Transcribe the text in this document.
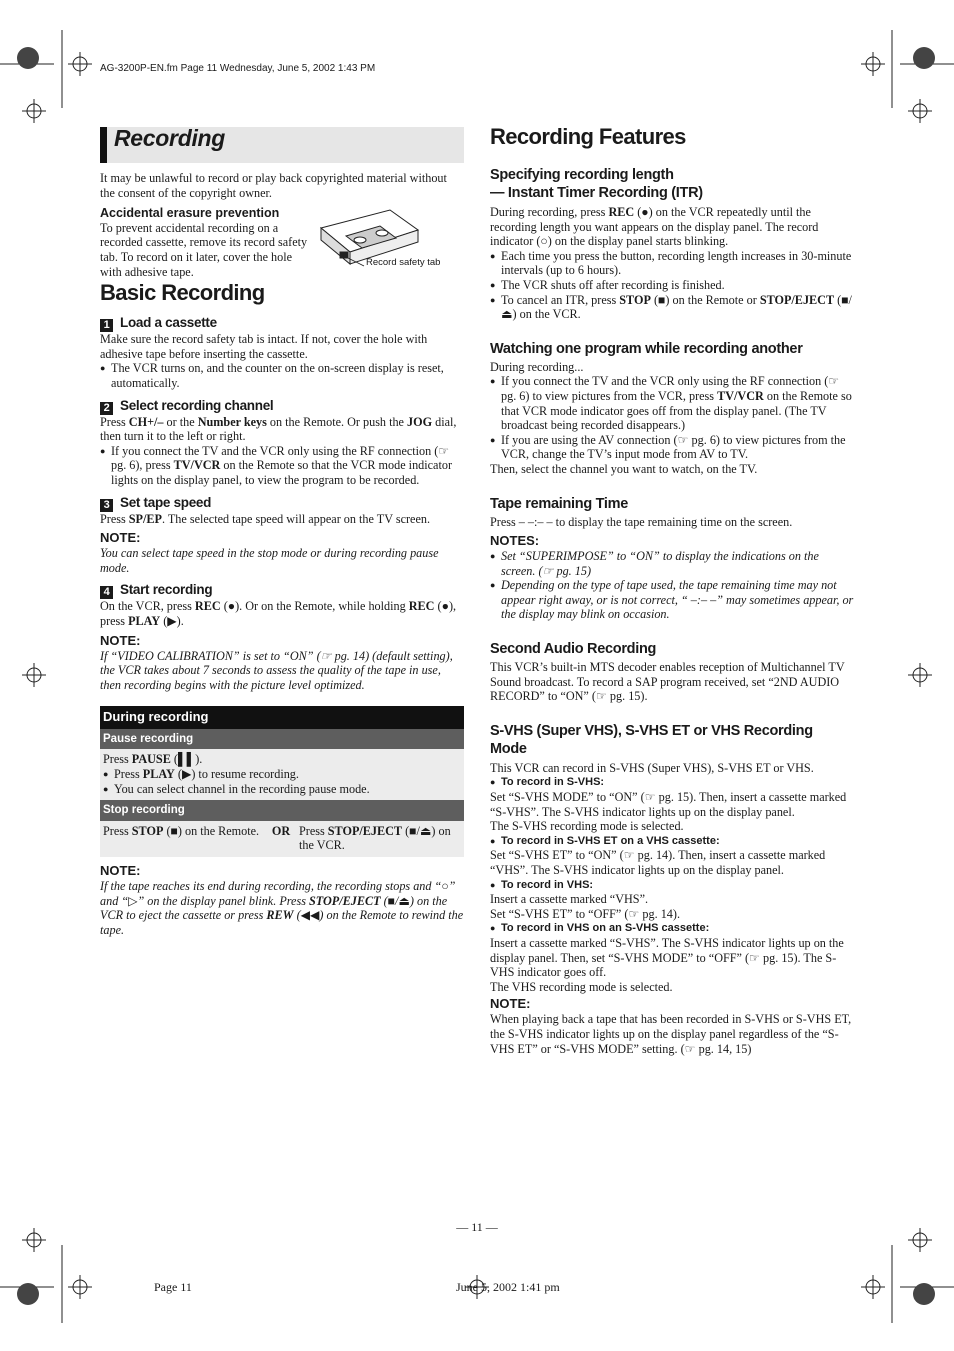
AG-3200P-EN.fm Page 11 Wednesday, June 5, 2002 1:43 PM
Recording

It may be unlawful to record or play back copyrighted material without the consent of the copyright owner.

Accidental erasure prevention

To prevent accidental recording on a recorded cassette, remove its record safety tab. To record on it later, cover the hole with adhesive tape.

Record safety tab
Basic Recording
1 Load a cassette

Make sure the record safety tab is intact. If not, cover the hole with adhesive tape before inserting the cassette.

● The VCR turns on, and the counter on the on-screen display is reset, automatically.

2 Select recording channel

Press CH+/– or the Number keys on the Remote. Or push the JOG dial, then turn it to the left or right.

● If you connect the TV and the VCR only using the RF connection (☞ pg. 6), press TV/VCR on the Remote so that the VCR mode indicator lights on the display panel, to view the program to be recorded.

3 Set tape speed

Press SP/EP. The selected tape speed will appear on the TV screen.

NOTE:

You can select tape speed in the stop mode or during recording pause mode.

4 Start recording

On the VCR, press REC (●). Or on the Remote, while holding REC (●), press PLAY (▶).

NOTE:

If “VIDEO CALIBRATION” is set to “ON” (☞ pg. 14) (default setting), the VCR takes about 7 seconds to assess the quality of the tape in use, then recording begins with the picture level optimized.

During recording
Pause recording

Press PAUSE (▌▌).

● Press PLAY (▶) to resume recording.

● You can select channel in the recording pause mode.

Stop recording

Press STOP (■) on the Remote.	OR Press STOP/EJECT (■/⏏) on the VCR.

NOTE:

If the tape reaches its end during recording, the recording stops and “○” and “▷” on the display panel blink. Press STOP/EJECT (■/⏏) on the VCR to eject the cassette or press REW (◀◀) on the Remote to rewind the tape.

Recording Features
Specifying recording length
— Instant Timer Recording (ITR)

During recording, press REC (●) on the VCR repeatedly until the recording length you want appears on the display panel. The record indicator (○) on the display panel starts blinking.

● Each time you press the button, recording length increases in 30-minute intervals (up to 6 hours).

● The VCR shuts off after recording is finished.

● To cancel an ITR, press STOP (■) on the Remote or STOP/EJECT (■/⏏) on the VCR.

Watching one program while recording another

During recording...

● If you connect the TV and the VCR only using the RF connection (☞ pg. 6) to view pictures from the VCR, press TV/VCR on the Remote so that VCR mode indicator goes off from the display panel. (The TV broadcast being recorded disappears.)

● If you are using the AV connection (☞ pg. 6) to view pictures from the VCR, change the TV’s input mode from AV to TV.

Then, select the channel you want to watch, on the TV.

Tape remaining Time

Press – –:– – to display the tape remaining time on the screen.

NOTES:

● Set “SUPERIMPOSE” to “ON” to display the indications on the screen. (☞ pg. 15)

● Depending on the type of tape used, the tape remaining time may not appear right away, or is not correct, “ –:– –” may sometimes appear, or the display may blink on occasion.

Second Audio Recording

This VCR’s built-in MTS decoder enables reception of Multichannel TV Sound broadcast. To record a SAP program received, set “2ND AUDIO RECORD” to “ON” (☞ pg. 15).

S-VHS (Super VHS), S-VHS ET or VHS Recording
Mode

This VCR can record in S-VHS (Super VHS), S-VHS ET or VHS.

● To record in S-VHS:

Set “S-VHS MODE” to “ON” (☞ pg. 15). Then, insert a cassette marked “S-VHS”. The S-VHS indicator lights up on the display panel.

The S-VHS recording mode is selected.

● To record in S-VHS ET on a VHS cassette:

Set “S-VHS ET” to “ON” (☞ pg. 14). Then, insert a cassette marked “VHS”. The S-VHS indicator lights up on the display panel.

● To record in VHS:

Insert a cassette marked “VHS”.

Set “S-VHS ET” to “OFF” (☞ pg. 14).

● To record in VHS on an S-VHS cassette:

Insert a cassette marked “S-VHS”. The S-VHS indicator lights up on the display panel. Then, set “S-VHS MODE” to “OFF” (☞ pg. 15). The S-VHS indicator goes off.

The VHS recording mode is selected.

NOTE:

When playing back a tape that has been recorded in S-VHS or S-VHS ET, the S-VHS indicator lights up on the display panel regardless of the “S-VHS ET” or “S-VHS MODE” setting. (☞ pg. 14, 15)

— 11 —
Page 11	June 5, 2002 1:41 pm
